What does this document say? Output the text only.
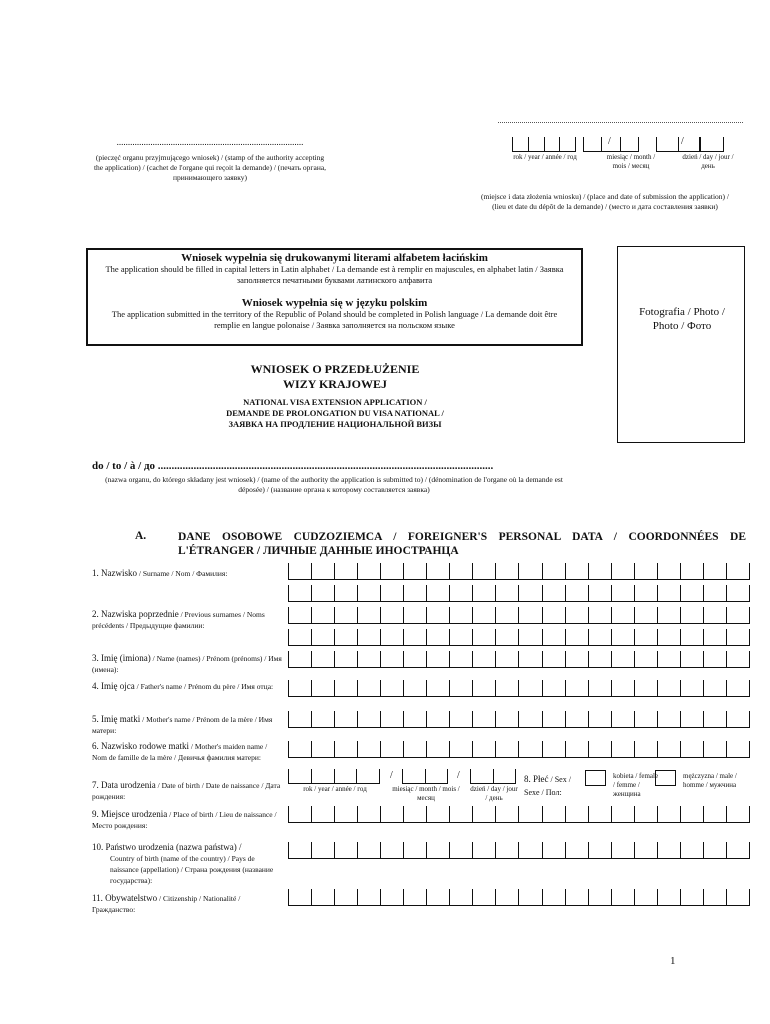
...................................................................................
(pieczęć organu przyjmującego wniosek) / (stamp of the authority accepting the application) / (cachet de l'organe qui reçoit la demande) / (печать органа, принимающего заявку)
/	/
rok / year / année / год	miesiąc / month / mois / месяц
dzień / day / jour / день
(miejsce i data złożenia wniosku) / (place and date of submission the application) / (lieu et date du dépôt de la demande) / (место и дата составления заявки)
Wniosek wypełnia się drukowanymi literami alfabetem łacińskim
The application should be filled in capital letters in Latin alphabet / La demande est à remplir en majuscules, en alphabet latin / Заявка заполняется печатными буквами латинского алфавита
Wniosek wypełnia się w języku polskim
The application submitted in the territory of the Republic of Poland should be completed in Polish language / La demande doit être remplie en langue polonaise / Заявка заполняется на польском языке
Fotografia / Photo / Photo / Фото
WNIOSEK O PRZEDŁUŻENIE
WIZY KRAJOWEJ
NATIONAL VISA EXTENSION APPLICATION /
DEMANDE DE PROLONGATION DU VISA NATIONAL /
ЗАЯВКА НА ПРОДЛЕНИЕ НАЦИОНАЛЬНОЙ ВИЗЫ
do / to / à / до ..........................................................................................................................
(nazwa organu, do którego składany jest wniosek) / (name of the authority the application is submitted to) / (dénomination de l'organe où la demande est déposée) / (название органа к которому составляется заявка)
A.	DANE OSOBOWE CUDZOZIEMCA / FOREIGNER'S PERSONAL DATA / COORDONNÉES DE L'ÉTRANGER / ЛИЧНЫЕ ДАННЫЕ ИНОСТРАНЦА
1. Nazwisko / Surname / Nom / Фамилия:
2. Nazwiska poprzednie / Previous surnames / Noms précédents / Предыдущие фамилии:
3. Imię (imiona) / Name (names) / Prénom (prénoms) / Имя (имена):
4. Imię ojca / Father's name / Prénom du père / Имя отца:
5. Imię matki / Mother's name / Prénom de la mère / Имя матери:
6. Nazwisko rodowe matki / Mother's maiden name / Nom de famille de la mère / Девичья фамилия матери:
7. Data urodzenia / Date of birth / Date de naissance / Дата рождения:
/	/
rok / year / année / год	miesiąc / month / mois / месяц
dzień / day / jour / день
8. Płeć / Sex / Sexe / Пол:
kobieta / female / femme / женщина
mężczyzna / male / homme / мужчина
9. Miejsce urodzenia / Place of birth / Lieu de naissance / Место рождения:
10. Państwo urodzenia (nazwa państwa) /
Country of birth (name of the country) / Pays de naissance (appellation) / Страна рождения (название государства):
11. Obywatelstwo / Citizenship / Nationalité / Гражданство:
1
